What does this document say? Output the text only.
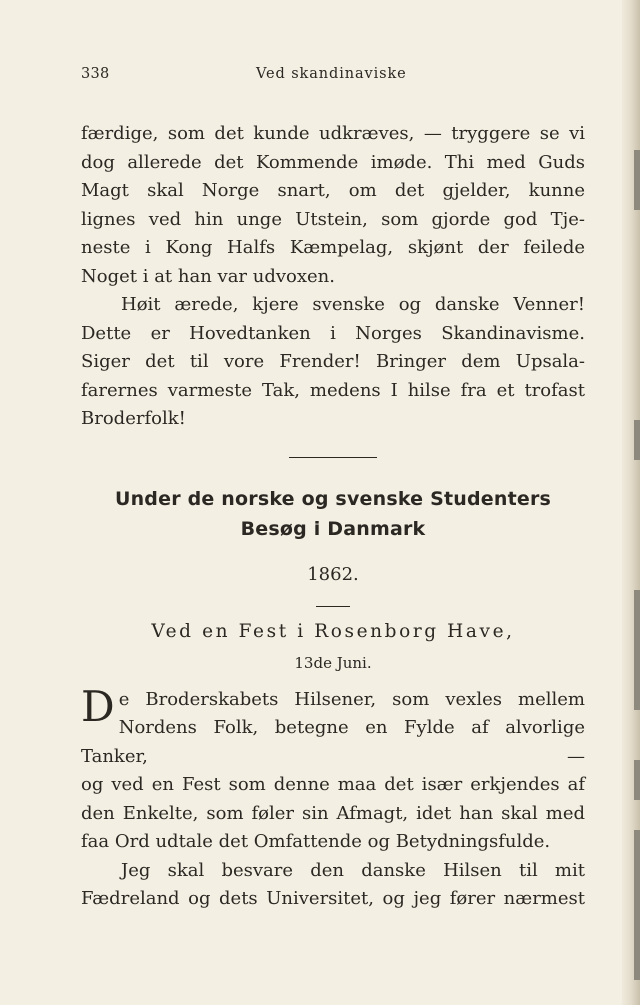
338	Ved skandinaviske

færdige, som det kunde udkræves, — tryggere se vi

dog allerede det Kommende imøde. Thi med Guds

Magt skal Norge snart, om det gjelder, kunne

lignes ved hin unge Utstein, som gjorde god Tje-

neste i Kong Halfs Kæmpelag, skjønt der feilede

Noget i at han var udvoxen.

Høit ærede, kjere svenske og danske Venner!

Dette er Hovedtanken i Norges Skandinavisme.

Siger det til vore Frender! Bringer dem Upsala-

farernes varmeste Tak, medens I hilse fra et trofast

Broderfolk!

Under de norske og svenske Studenters

Besøg i Danmark

1862.

Ved en Fest i Rosenborg Have,

13de Juni.

De Broderskabets Hilsener, som vexles mellem

Nordens Folk, betegne en Fylde af alvorlige Tanker, —

og ved en Fest som denne maa det især erkjendes af

den Enkelte, som føler sin Afmagt, idet han skal med

faa Ord udtale det Omfattende og Betydningsfulde.

Jeg skal besvare den danske Hilsen til mit

Fædreland og dets Universitet, og jeg fører nærmest
